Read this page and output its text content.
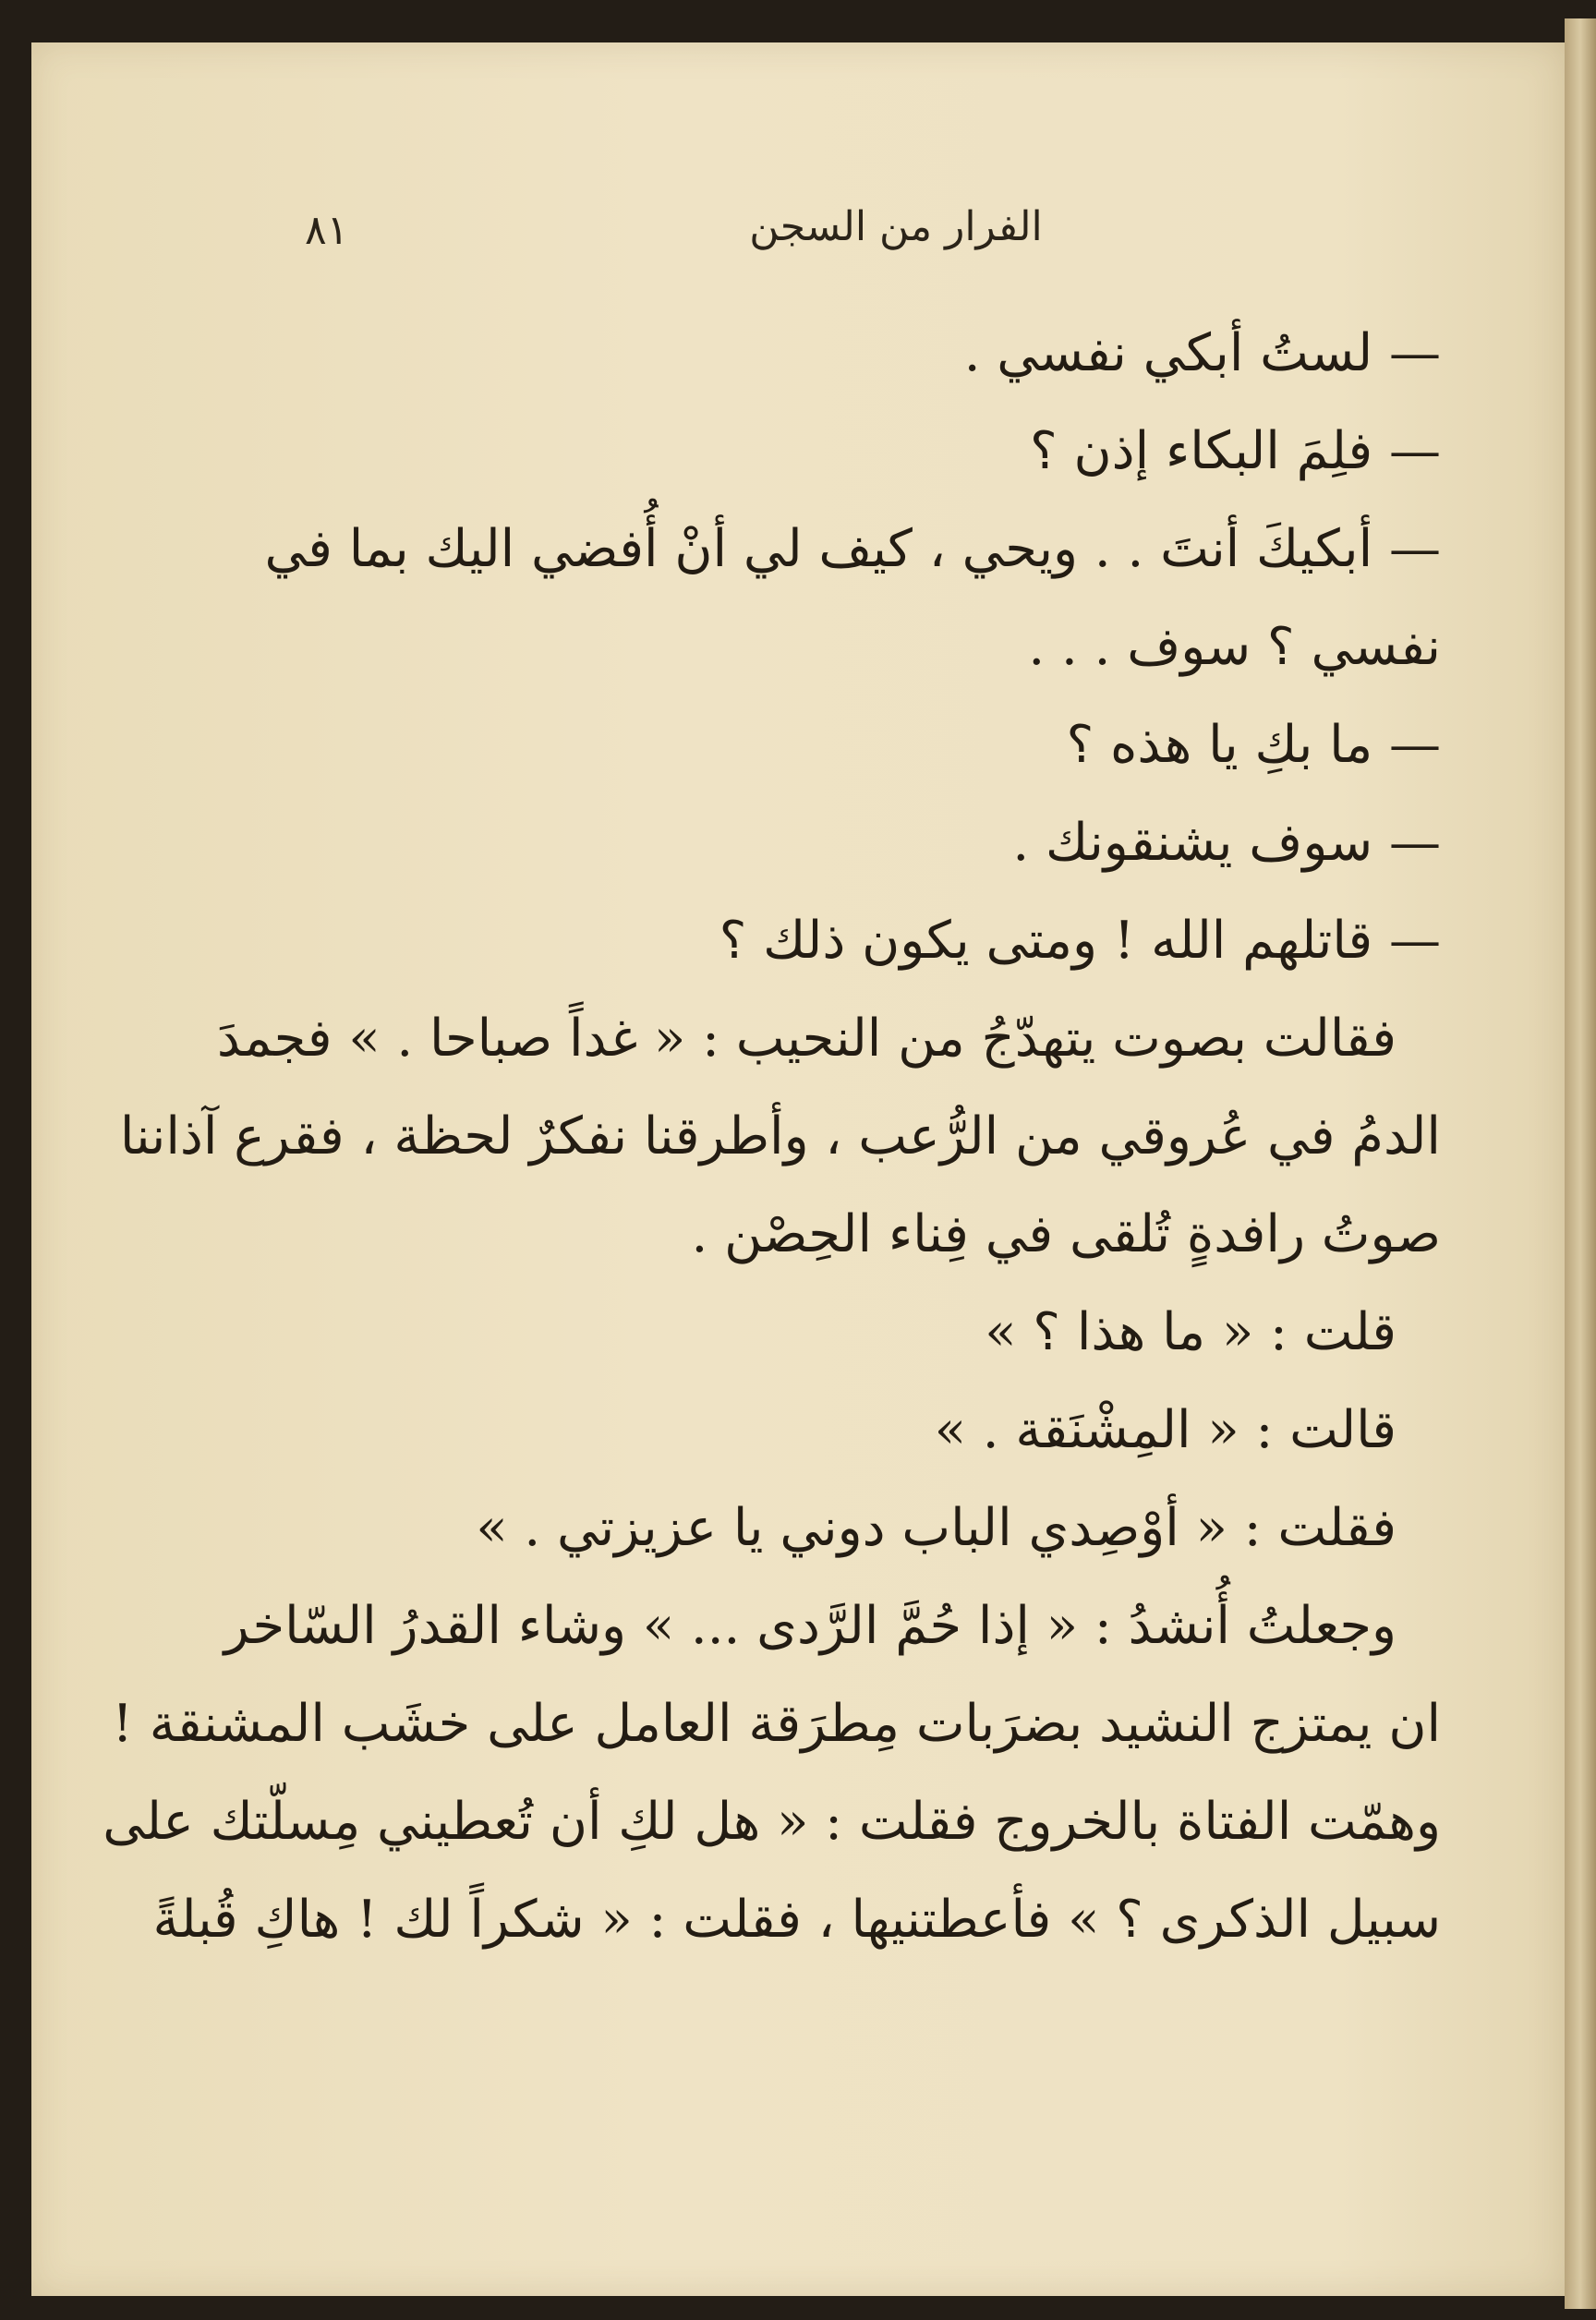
الفرار من السجن
٨١
— لستُ أبكي نفسي .
— فلِمَ البكاء إذن ؟
— أبكيكَ أنتَ . . ويحي ، كيف لي أنْ أُفضي اليك بما في
نفسي ؟ سوف . . .
— ما بكِ يا هذه ؟
— سوف يشنقونك .
— قاتلهم الله ! ومتى يكون ذلك ؟
فقالت بصوت يتهدّجُ من النحيب : « غداً صباحا . » فجمدَ
الدمُ في عُروقي من الرُّعب ، وأطرقنا نفكرٌ لحظة ، فقرع آذاننا
صوتُ رافدةٍ تُلقى في فِناء الحِصْن .
قلت : « ما هذا ؟ »
قالت : « المِشْنَقة . »
فقلت : « أوْصِدي الباب دوني يا عزيزتي . »
وجعلتُ أُنشدُ : « إذا حُمَّ الرَّدى ... » وشاء القدرُ السّاخر
ان يمتزج النشيد بضرَبات مِطرَقة العامل على خشَب المشنقة !
وهمّت الفتاة بالخروج فقلت : « هل لكِ أن تُعطيني مِسلّتك على
سبيل الذكرى ؟ » فأعطتنيها ، فقلت : « شكراً لك ! هاكِ قُبلةً
